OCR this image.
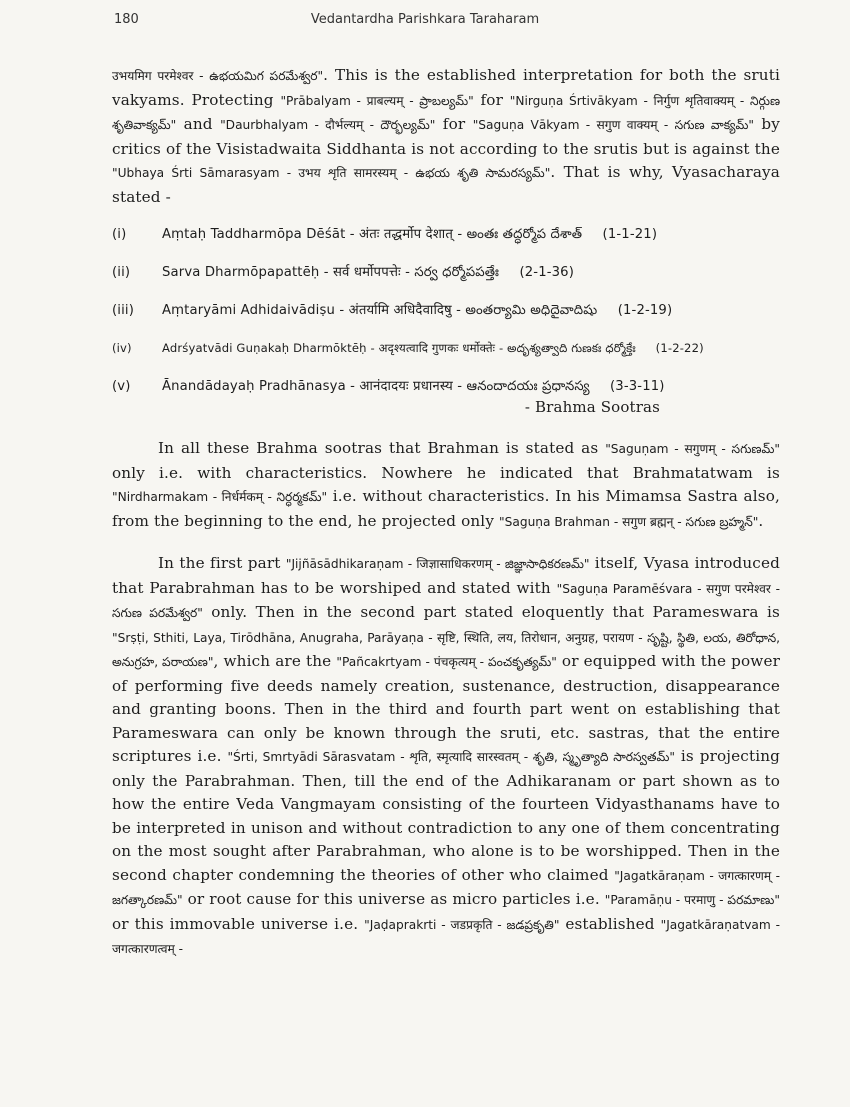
180	Vedantardha Parishkara Taraharam

उभयमिग परमेश्वर - ఉభయమిగ పరమేశ్వర". This is the established interpretation for both the sruti vakyams. Protecting "Prābalyam - प्राबल्यम् - ప్రాబల్యమ్" for "Nirguṇa Śrtivākyam - निर्गुण शृतिवाक्यम् - నిర్గుణ శృతివాక్యమ్" and "Daurbhalyam - दौर्भल्यम् - దౌర్భల్యమ్" for "Saguṇa Vākyam - सगुण वाक्यम् - సగుణ వాక్యమ్" by critics of the Visistadwaita Siddhanta is not according to the srutis but is against the "Ubhaya Śrti Sāmarasyam - उभय शृति सामरस्यम् - ఉభయ శృతి సామరస్యమ్". That is why, Vyasacharaya stated -

(i)	Aṃtaḥ Taddharmōpa Dēśāt - अंतः तद्धर्मोप देशात् - అంతః తద్ధర్మోప దేశాత్ (1-1-21)
(ii) Sarva Dharmōpapattēḥ - सर्व धर्मोपपत्तेः - సర్వ ధర్మోపపత్తేః (2-1-36)
(iii) Aṃtaryāmi Adhidaivādiṣu - अंतर्यामि अधिदैवादिषु - అంతర్యామి అధిదైవాదిషు (1-2-19)
(iv)	Adrśyatvādi Guṇakaḥ Dharmōktēḥ - अदृश्यत्वादि गुणकः धर्मोक्तेः - అదృశ్యత్వాది గుణకః ధర్మోక్తేః (1-2-22)
(v) Ānandādayaḥ Pradhānasya - आनंदादयः प्रधानस्य - ఆనందాదయః ప్రధానస్య (3-3-11)
- Brahma Sootras

In all these Brahma sootras that Brahman is stated as "Saguṇam - सगुणम् - సగుణమ్" only i.e. with characteristics. Nowhere he indicated that Brahmatatwam is "Nirdharmakam - निर्धर्मकम् - నిర్ధర్మకమ్" i.e. without characteristics. In his Mimamsa Sastra also, from the beginning to the end, he projected only "Saguṇa Brahman - सगुण ब्रह्मन् - సగుణ బ్రహ్మన్".

In the first part "Jijñāsādhikaraṇam - जिज्ञासाधिकरणम् - జిజ్ఞాసాధికరణమ్" itself, Vyasa introduced that Parabrahman has to be worshiped and stated with "Saguṇa Paramēśvara - सगुण परमेश्वर - సగుణ పరమేశ్వర" only. Then in the second part stated eloquently that Parameswara is "Srṣṭi, Sthiti, Laya, Tirōdhāna, Anugraha, Parāyaṇa - सृष्टि, स्थिति, लय, तिरोधान, अनुग्रह, परायण - సృష్టి, స్థితి, లయ, తిరోధాన, అనుగ్రహ, పరాయణ", which are the "Pañcakrtyam - पंचकृत्यम् - పంచకృత్యమ్" or equipped with the power of performing five deeds namely creation, sustenance, destruction, disappearance and granting boons. Then in the third and fourth part went on establishing that Parameswara can only be known through the sruti, etc. sastras, that the entire scriptures i.e. "Śrti, Smrtyādi Sārasvatam - शृति, स्मृत्यादि सारस्वतम् - శృతి, స్మృత్యాది సారస్వతమ్" is projecting only the Parabrahman. Then, till the end of the Adhikaranam or part shown as to how the entire Veda Vangmayam consisting of the fourteen Vidyasthanams have to be interpreted in unison and without contradiction to any one of them concentrating on the most sought after Parabrahman, who alone is to be worshipped. Then in the second chapter condemning the theories of other who claimed "Jagatkāraṇam - जगत्कारणम् - జగత్కారణమ్" or root cause for this universe as micro particles i.e. "Paramāṇu - परमाणु - పరమాణు" or this immovable universe i.e. "Jaḍaprakrti - जडप्रकृति - జడప్రకృతి" established "Jagatkāraṇatvam - जगत्कारणत्वम् -
